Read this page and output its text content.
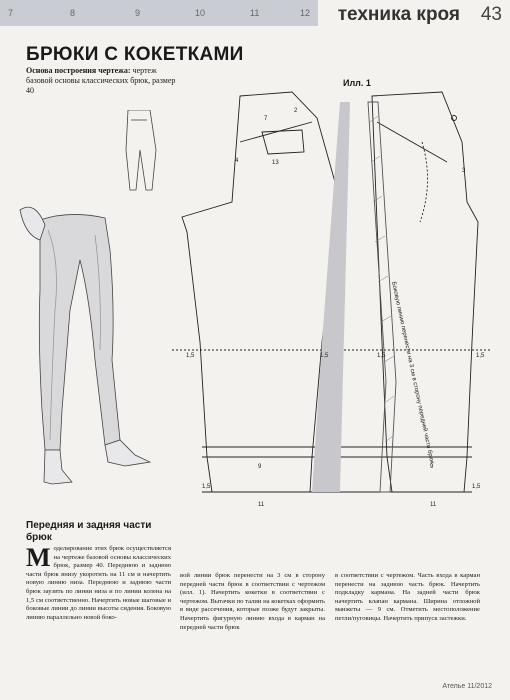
7	8	9	10	11	12 техника кроя 43
БРЮКИ С КОКЕТКАМИ
Основа построения чертежа: чертеж базовой основы классических брюк, размер 40
Илл. 1
Боковую линию перенести на 3 см в сторону передней части брюк
1,5	1,5	1,5	1,5
1,5	1,5
9	9
11	11
13
7
4
3
2
Передняя и задняя части брюк
Моделирование этих брюк осуществляется на чертеже базовой основы классических брюк, размер 40. Переднюю и заднюю части брюк внизу укоротить на 11 см и начертить новую линию низа. Переднюю и заднюю части брюк заузить по линии низа и по линии колена на 1,5 см соответственно. Начертить новые шаговые и боковые линии до линии высоты сидения. Боковую линию параллельно новой боко-
вой линии брюк перенести на 3 см в сторону передней части брюк в соответствии с чертежом (илл. 1). Начертить кокетки в соответствии с чертежом. Вытачки по талии на кокетках оформить в виде рассечения, которые позже будут закрыты. Начертить фигурную линию входа в карман на передней части брюк
в соответствии с чертежом. Часть входа в карман перенести на заднюю часть брюк. Начертить подкладку кармана. На задней части брюк начертить клапан кармана. Ширина отложной манжеты — 9 см. Отметить местоположение петли/пуговицы. Начертить припуск застежки.
Ателье 11/2012
